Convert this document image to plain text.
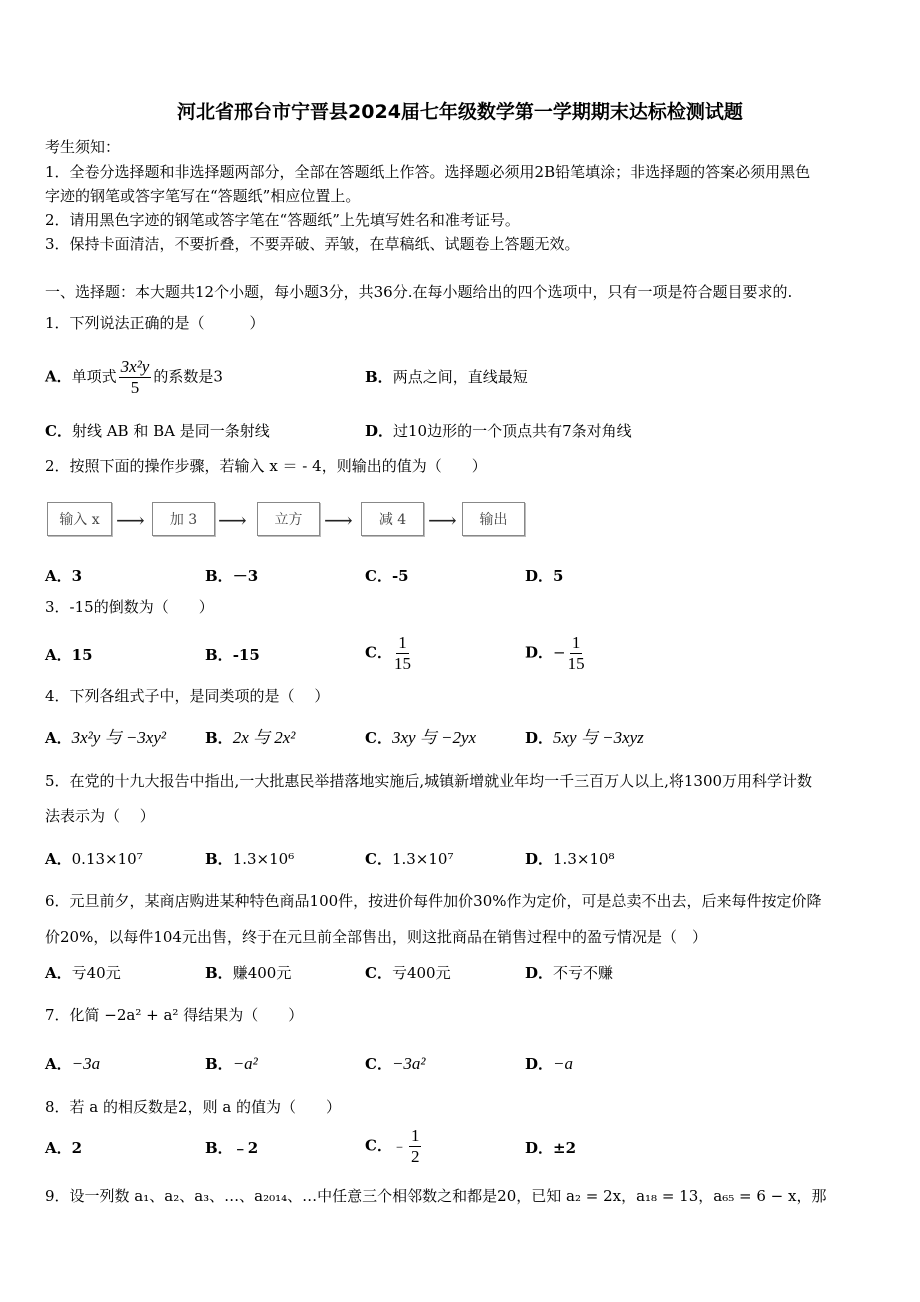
河北省邢台市宁晋县2024届七年级数学第一学期期末达标检测试题
考生须知：
1．全卷分选择题和非选择题两部分，全部在答题纸上作答。选择题必须用2B铅笔填涂；非选择题的答案必须用黑色
字迹的钢笔或答字笔写在“答题纸”相应位置上。
2．请用黑色字迹的钢笔或答字笔在“答题纸”上先填写姓名和准考证号。
3．保持卡面清洁，不要折叠，不要弄破、弄皱，在草稿纸、试题卷上答题无效。
一、选择题：本大题共12个小题，每小题3分，共36分.在每小题给出的四个选项中，只有一项是符合题目要求的.
1．下列说法正确的是（　　　）
A．单项式 $\frac{\text{3x²y}}{5}$ 的系数是3	B．两点之间，直线最短
C．射线 AB 和 BA 是同一条射线	D．过10边形的一个顶点共有7条对角线
2．按照下面的操作步骤，若输入 x ＝ - 4，则输出的值为（　　）
输入 x ⟶	加 3	⟶	立方	⟶	减 4	⟶	输出
A．3	B．－3	C．-5	D．5
3．-15的倒数为（　　）
A．15	B．-15	C． $\frac{1}{15}$	D．− $\frac{1}{15}$
4．下列各组式子中，是同类项的是（　 ）
A．3x²y 与 −3xy²	B．2x 与 2x²	C．3xy 与 −2yx	D．5xy 与 −3xyz
5．在党的十九大报告中指出,一大批惠民举措落地实施后,城镇新增就业年均一千三百万人以上,将1300万用科学计数
法表示为（　 ）
A．0.13×10⁷	B．1.3×10⁶	C．1.3×10⁷	D．1.3×10⁸
6．元旦前夕，某商店购进某种特色商品100件，按进价每件加价30%作为定价，可是总卖不出去，后来每件按定价降
价20%，以每件104元出售，终于在元旦前全部售出，则这批商品在销售过程中的盈亏情况是（　）
A．亏40元	B．赚400元	C．亏400元	D．不亏不赚
7．化简 −2a² + a² 得结果为（　　）
A．−3a	B．−a²	C．−3a²	D．−a
8．若 a 的相反数是2，则 a 的值为（　　）
A．2	B．﹣2	C．﹣ $\frac{1}{2}$	D．±2
9．设一列数 a₁、a₂、a₃、…、a₂₀₁₄、…中任意三个相邻数之和都是20，已知 a₂ = 2x，a₁₈ = 13，a₆₅ = 6 − x，那
